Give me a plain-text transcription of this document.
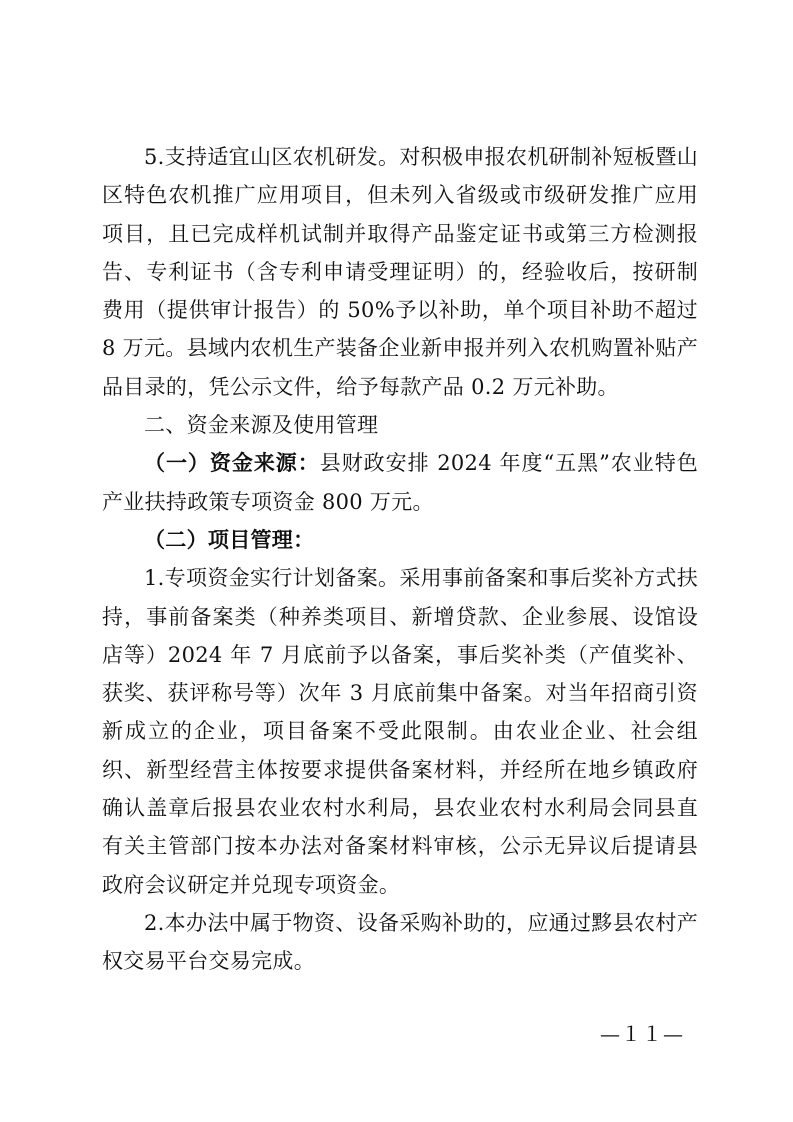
5.支持适宜山区农机研发。对积极申报农机研制补短板暨山区特色农机推广应用项目，但未列入省级或市级研发推广应用项目，且已完成样机试制并取得产品鉴定证书或第三方检测报告、专利证书（含专利申请受理证明）的，经验收后，按研制费用（提供审计报告）的 50%予以补助，单个项目补助不超过 8 万元。县域内农机生产装备企业新申报并列入农机购置补贴产品目录的，凭公示文件，给予每款产品 0.2 万元补助。

二、资金来源及使用管理

（一）资金来源：县财政安排 2024 年度“五黑”农业特色产业扶持政策专项资金 800 万元。

（二）项目管理：

1.专项资金实行计划备案。采用事前备案和事后奖补方式扶持，事前备案类（种养类项目、新增贷款、企业参展、设馆设店等）2024 年 7 月底前予以备案，事后奖补类（产值奖补、获奖、获评称号等）次年 3 月底前集中备案。对当年招商引资新成立的企业，项目备案不受此限制。由农业企业、社会组织、新型经营主体按要求提供备案材料，并经所在地乡镇政府确认盖章后报县农业农村水利局，县农业农村水利局会同县直有关主管部门按本办法对备案材料审核，公示无异议后提请县政府会议研定并兑现专项资金。

2.本办法中属于物资、设备采购补助的，应通过黟县农村产权交易平台交易完成。

—１１—
